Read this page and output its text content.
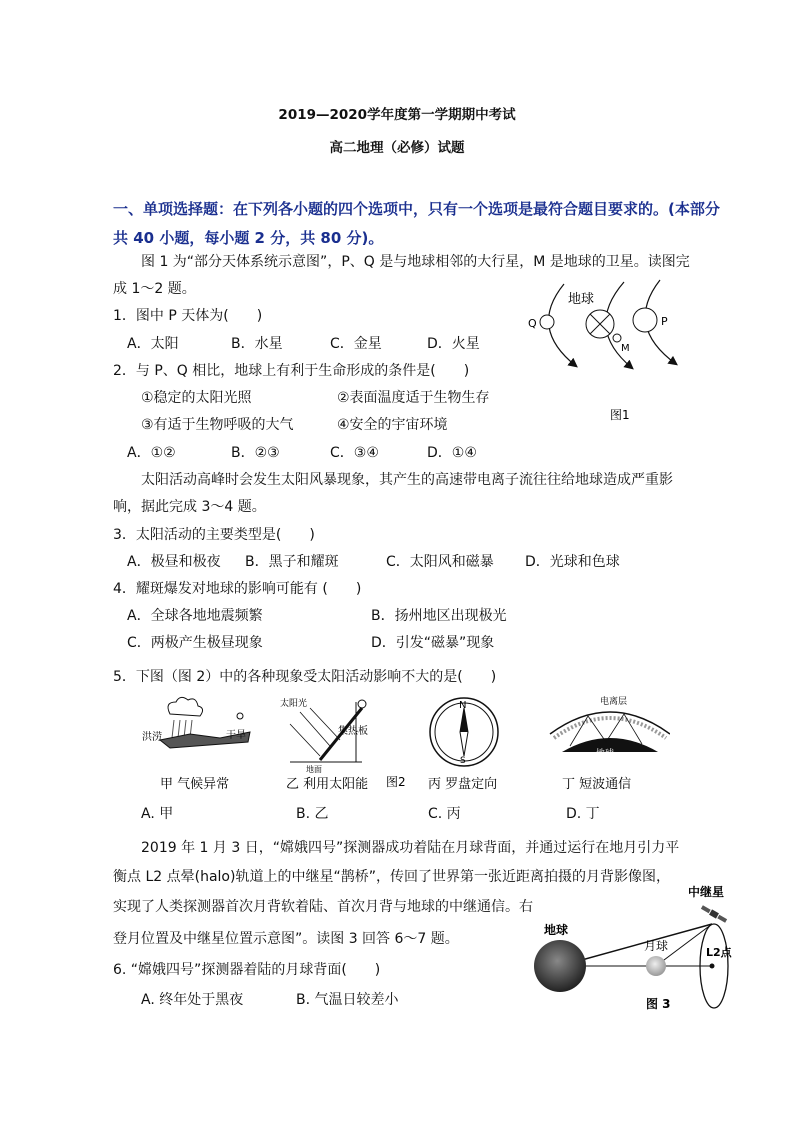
2019—2020学年度第一学期期中考试
高二地理（必修）试题
一、单项选择题：在下列各小题的四个选项中，只有一个选项是最符合题目要求的。(本部分
共 40 小题，每小题 2 分，共 80 分)。
图 1 为“部分天体系统示意图”，P、Q 是与地球相邻的大行星，M 是地球的卫星。读图完
成 1～2 题。
1．图中 P 天体为(　　)
A．太阳	B．水星	C．金星	D．火星
2．与 P、Q 相比，地球上有利于生命形成的条件是(　　)
①稳定的太阳光照	②表面温度适于生物生存
③有适于生物呼吸的大气	④安全的宇宙环境
A．①②	B．②③	C．③④	D．①④
地球
Q
M
P
图1
太阳活动高峰时会发生太阳风暴现象，其产生的高速带电离子流往往给地球造成严重影
响，据此完成 3～4 题。
3．太阳活动的主要类型是(　　)
A．极昼和极夜 B．黑子和耀斑	C．太阳风和磁暴 D．光球和色球
4．耀斑爆发对地球的影响可能有 (　　)
A．全球各地地震频繁	B．扬州地区出现极光
C．两极产生极昼现象	D．引发“磁暴”现象
5．下图（图 2）中的各种现象受太阳活动影响不大的是(　　)
洪涝	干旱
甲 气候异常
太阳光
集热板
地面
乙 利用太阳能 图2
N
S
丙 罗盘定向
电离层
地球
丁 短波通信
A. 甲	B. 乙	C. 丙	D. 丁
2019 年 1 月 3 日，“嫦娥四号”探测器成功着陆在月球背面，并通过运行在地月引力平
衡点 L2 点晕(halo)轨道上的中继星“鹊桥”，传回了世界第一张近距离拍摄的月背影像图，
实现了人类探测器首次月背软着陆、首次月背与地球的中继通信。右
登月位置及中继星位置示意图”。读图 3 回答 6～7 题。
地球
月球
中继星
L2点
图 3
6. “嫦娥四号”探测器着陆的月球背面(　　)
A. 终年处于黑夜	B. 气温日较差小
